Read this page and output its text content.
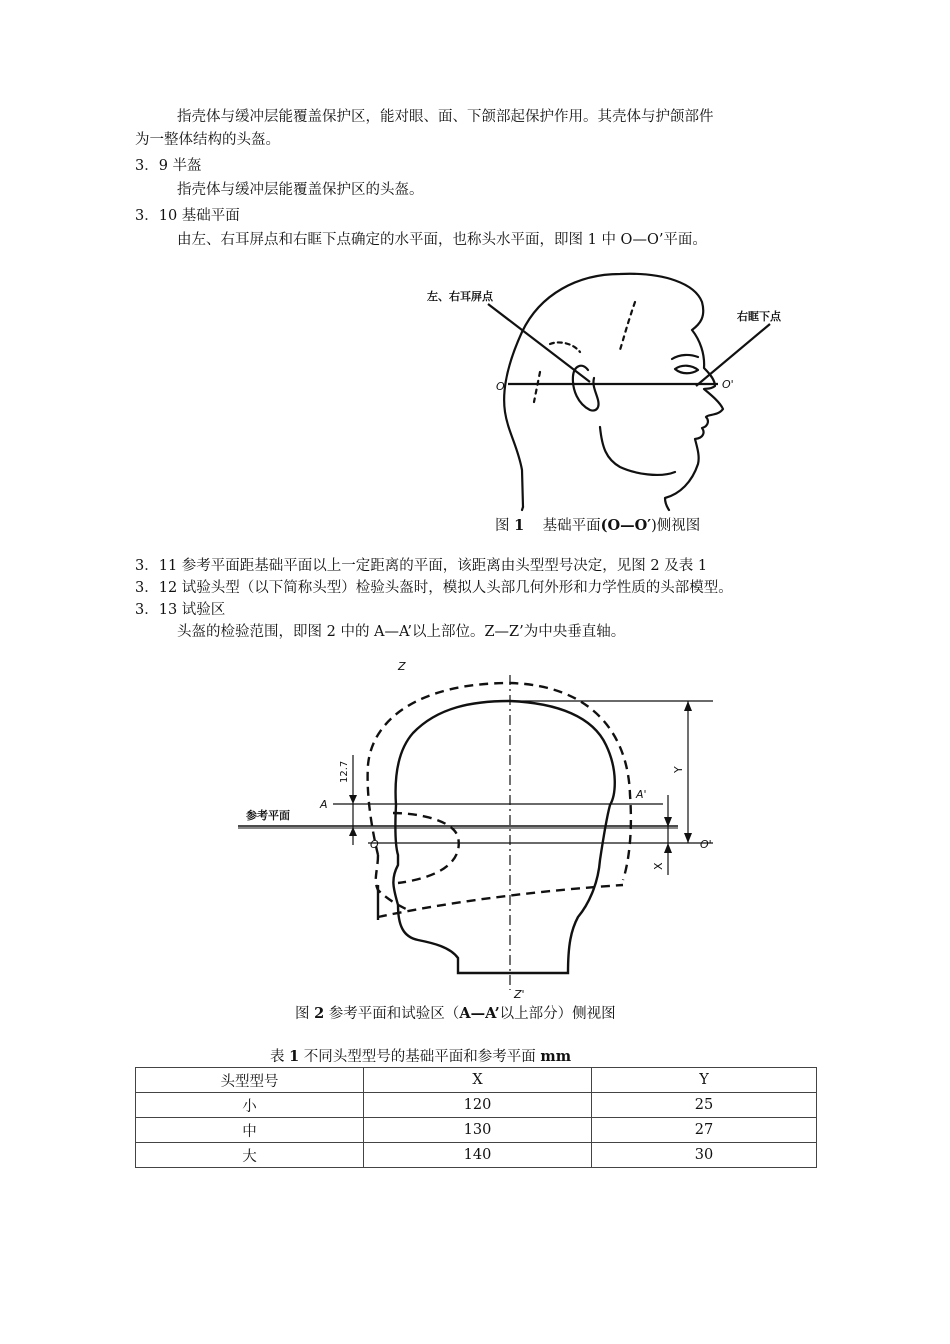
指壳体与缓冲层能覆盖保护区，能对眼、面、下颌部起保护作用。其壳体与护颌部件
为一整体结构的头盔。
3．9 半盔
指壳体与缓冲层能覆盖保护区的头盔。
3．10 基础平面
由左、右耳屏点和右眶下点确定的水平面，也称头水平面，即图 1 中 O—O’平面。
左、右耳屏点
右眶下点
O	O'
图 1 基础平面(O—O′)侧视图
3．11 参考平面距基础平面以上一定距离的平面，该距离由头型型号决定，见图 2 及表 1
3．12 试验头型（以下简称头型）检验头盔时，模拟人头部几何外形和力学性质的头部模型。
3．13 试验区
头盔的检验范围，即图 2 中的 A—A’以上部位。Z—Z’为中央垂直轴。
Z
Z'
A
A'
O	O'
参考平面
12.7	Y
X
图 2 参考平面和试验区（A—A’以上部分）侧视图
表 1 不同头型型号的基础平面和参考平面 mm
头型型号	X	Y
小	120	25
中	130	27
大	140	30
